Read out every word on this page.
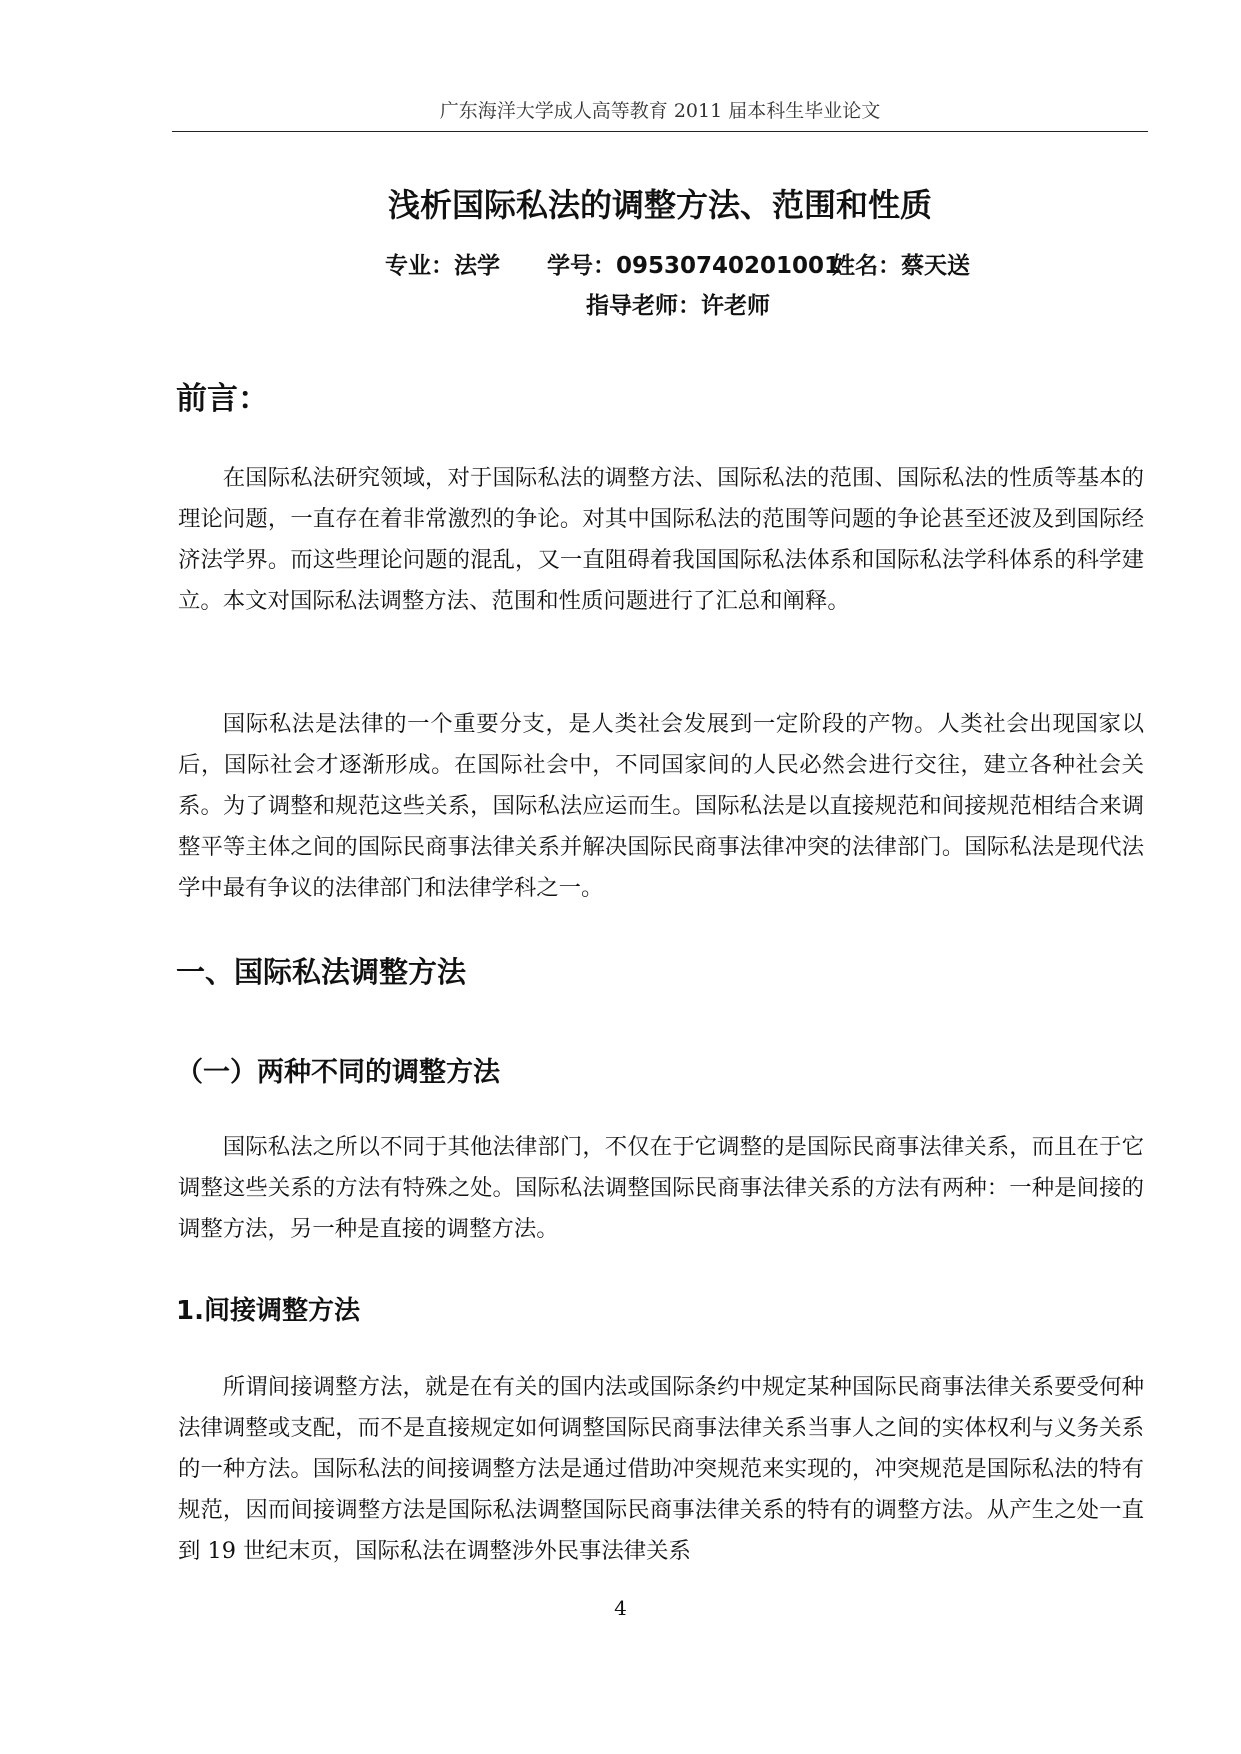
广东海洋大学成人高等教育 2011 届本科生毕业论文
浅析国际私法的调整方法、范围和性质
专业：法学 学号：09530740201001
姓名：蔡天送
指导老师：许老师
前言：

在国际私法研究领域，对于国际私法的调整方法、国际私法的范围、国际私法的性质等基本的理论问题，一直存在着非常激烈的争论。对其中国际私法的范围等问题的争论甚至还波及到国际经济法学界。而这些理论问题的混乱，又一直阻碍着我国国际私法体系和国际私法学科体系的科学建立。本文对国际私法调整方法、范围和性质问题进行了汇总和阐释。

国际私法是法律的一个重要分支，是人类社会发展到一定阶段的产物。人类社会出现国家以后，国际社会才逐渐形成。在国际社会中，不同国家间的人民必然会进行交往，建立各种社会关系。为了调整和规范这些关系，国际私法应运而生。国际私法是以直接规范和间接规范相结合来调整平等主体之间的国际民商事法律关系并解决国际民商事法律冲突的法律部门。国际私法是现代法学中最有争议的法律部门和法律学科之一。

一、国际私法调整方法
（一）两种不同的调整方法

国际私法之所以不同于其他法律部门，不仅在于它调整的是国际民商事法律关系，而且在于它调整这些关系的方法有特殊之处。国际私法调整国际民商事法律关系的方法有两种：一种是间接的调整方法，另一种是直接的调整方法。

1.间接调整方法

所谓间接调整方法，就是在有关的国内法或国际条约中规定某种国际民商事法律关系要受何种法律调整或支配，而不是直接规定如何调整国际民商事法律关系当事人之间的实体权利与义务关系的一种方法。国际私法的间接调整方法是通过借助冲突规范来实现的，冲突规范是国际私法的特有规范，因而间接调整方法是国际私法调整国际民商事法律关系的特有的调整方法。从产生之处一直到 19 世纪末页，国际私法在调整涉外民事法律关系

4
